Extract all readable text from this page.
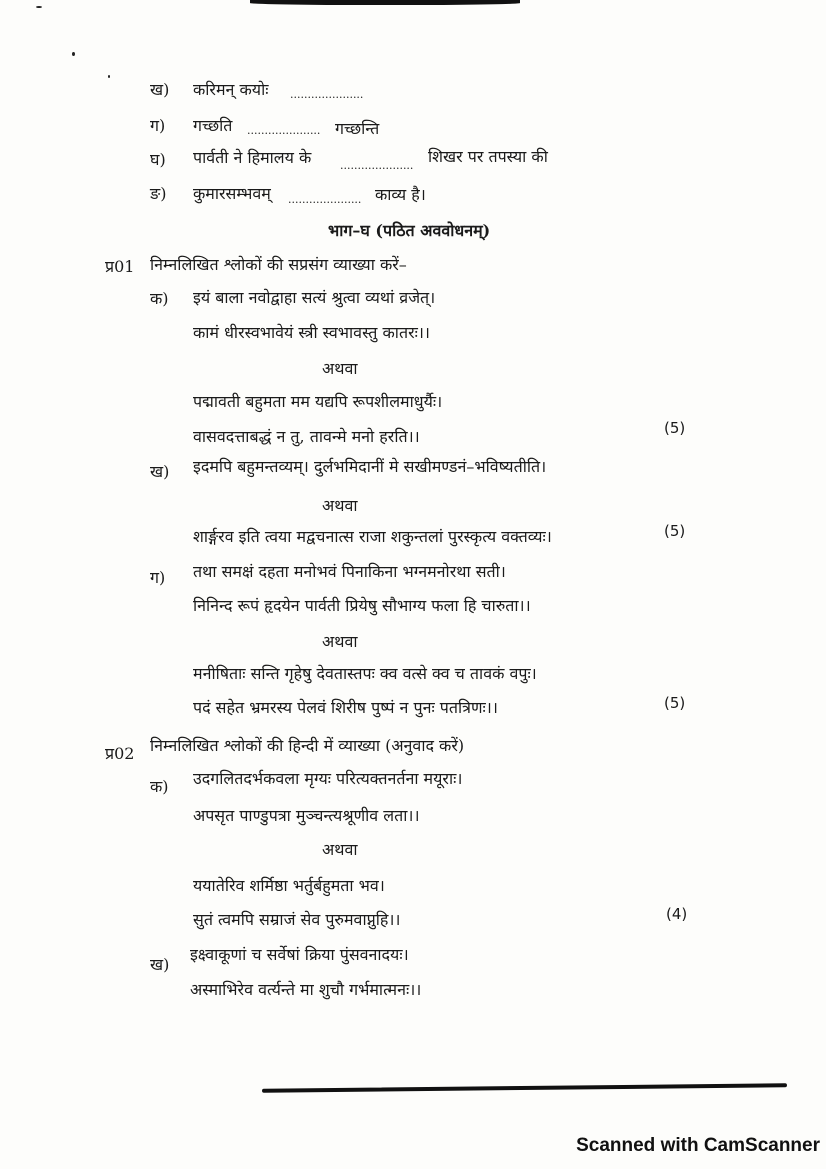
ख) करिमन् कयोः .....................
ग) गच्छति ..................... गच्छन्ति
घ) पार्वती ने हिमालय के	..................... शिखर पर तपस्या की
ङ) कुमारसम्भवम् ..................... काव्य है।
भाग–घ (पठित अववोधनम्)
प्र01 निम्नलिखित श्लोकों की सप्रसंग व्याख्या करें–
क) इयं बाला नवोद्वाहा सत्यं श्रुत्वा व्यथां व्रजेत्।
कामं धीरस्वभावेयं स्त्री स्वभावस्तु कातरः।।
अथवा
पद्मावती बहुमता मम यद्यपि रूपशीलमाधुर्यैः।
वासवदत्ताबद्धं न तु, तावन्मे मनो हरति।।	(5)
ख) इदमपि बहुमन्तव्यम्। दुर्लभमिदानीं मे सखीमण्डनं–भविष्यतीति।
अथवा
शार्ङ्गरव इति त्वया मद्वचनात्स राजा शकुन्तलां पुरस्कृत्य वक्तव्यः।	(5)
ग) तथा समक्षं दहता मनोभवं पिनाकिना भग्नमनोरथा सती।
निनिन्द रूपं हृदयेन पार्वती प्रियेषु सौभाग्य फला हि चारुता।।
अथवा
मनीषिताः सन्ति गृहेषु देवतास्तपः क्व वत्से क्व च तावकं वपुः।
पदं सहेत भ्रमरस्य पेलवं शिरीष पुष्पं न पुनः पतत्रिणः।।	(5)
प्र02 निम्नलिखित श्लोकों की हिन्दी में व्याख्या (अनुवाद करें)
क) उदगलितदर्भकवला मृग्यः परित्यक्तनर्तना मयूराः।
अपसृत पाण्डुपत्रा मुञ्चन्त्यश्रूणीव लता।।
अथवा
ययातेरिव शर्मिष्ठा भर्तुर्बहुमता भव।
सुतं त्वमपि सम्राजं सेव पुरुमवाप्नुहि।।	(4)
ख)
इक्ष्वाकूणां च सर्वेषां क्रिया पुंसवनादयः।
अस्माभिरेव वर्त्यन्ते मा शुचौ गर्भमात्मनः।।
Scanned with CamScanner
